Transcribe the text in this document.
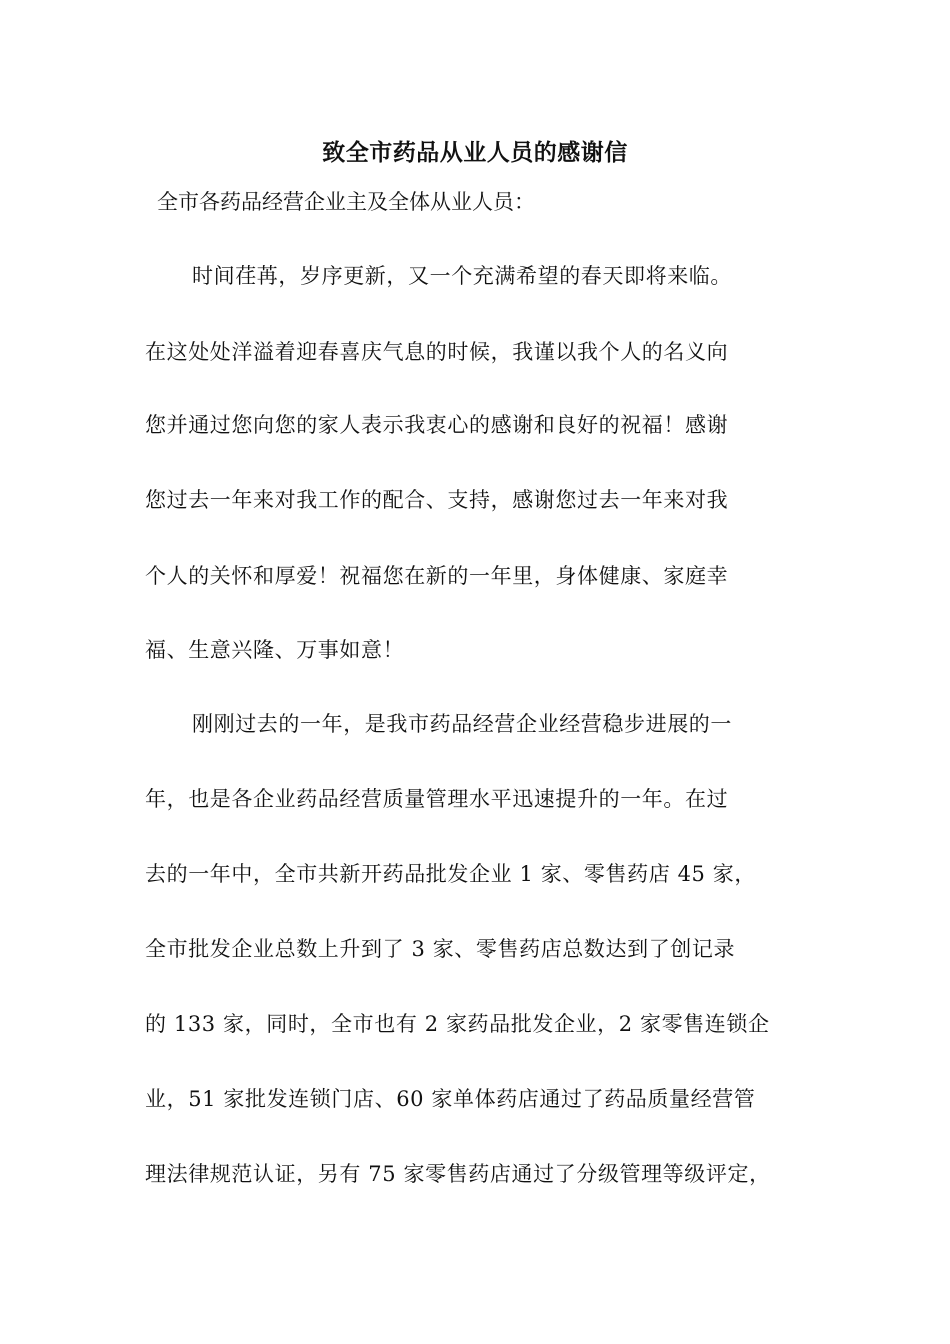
致全市药品从业人员的感谢信
全市各药品经营企业主及全体从业人员：
时间荏苒，岁序更新，又一个充满希望的春天即将来临。
在这处处洋溢着迎春喜庆气息的时候，我谨以我个人的名义向
您并通过您向您的家人表示我衷心的感谢和良好的祝福！感谢
您过去一年来对我工作的配合、支持，感谢您过去一年来对我
个人的关怀和厚爱！祝福您在新的一年里，身体健康、家庭幸
福、生意兴隆、万事如意！
刚刚过去的一年，是我市药品经营企业经营稳步进展的一
年，也是各企业药品经营质量管理水平迅速提升的一年。在过
去的一年中，全市共新开药品批发企业 1 家、零售药店 45 家，
全市批发企业总数上升到了 3 家、零售药店总数达到了创记录
的 133 家，同时，全市也有 2 家药品批发企业，2 家零售连锁企
业，51 家批发连锁门店、60 家单体药店通过了药品质量经营管
理法律规范认证，另有 75 家零售药店通过了分级管理等级评定，
